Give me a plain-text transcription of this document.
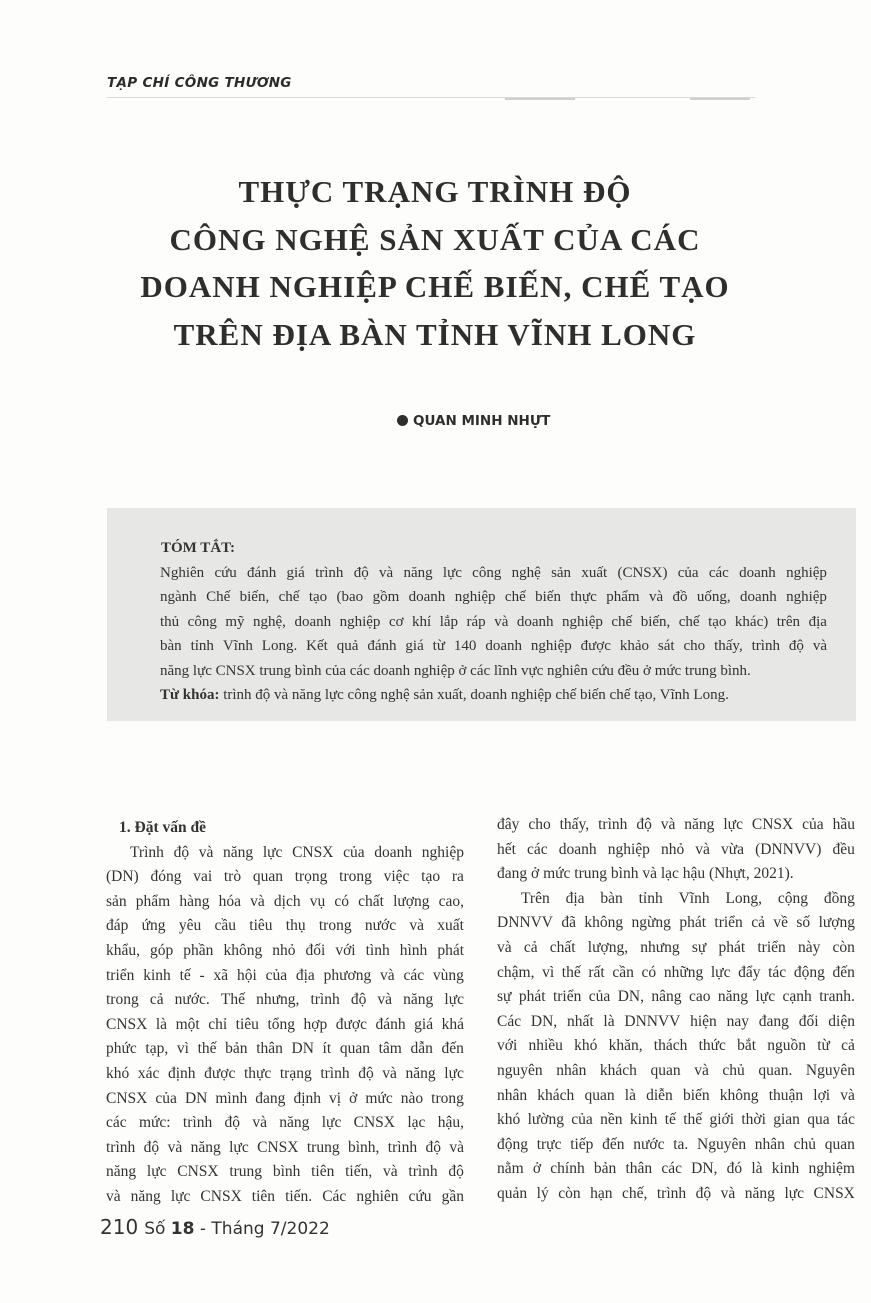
TẠP CHÍ CÔNG THƯƠNG
THỰC TRẠNG TRÌNH ĐỘ
CÔNG NGHỆ SẢN XUẤT CỦA CÁC
DOANH NGHIỆP CHẾ BIẾN, CHẾ TẠO
TRÊN ĐỊA BÀN TỈNH VĨNH LONG
QUAN MINH NHỰT
TÓM TẮT:
Nghiên cứu đánh giá trình độ và năng lực công nghệ sản xuất (CNSX) của các doanh nghiệp
ngành Chế biến, chế tạo (bao gồm doanh nghiệp chế biến thực phẩm và đồ uống, doanh nghiệp
thủ công mỹ nghệ, doanh nghiệp cơ khí lắp ráp và doanh nghiệp chế biến, chế tạo khác) trên địa
bàn tỉnh Vĩnh Long. Kết quả đánh giá từ 140 doanh nghiệp được khảo sát cho thấy, trình độ và
năng lực CNSX trung bình của các doanh nghiệp ở các lĩnh vực nghiên cứu đều ở mức trung bình.
Từ khóa: trình độ và năng lực công nghệ sản xuất, doanh nghiệp chế biến chế tạo, Vĩnh Long.
1. Đặt vấn đề
Trình độ và năng lực CNSX của doanh nghiệp
(DN) đóng vai trò quan trọng trong việc tạo ra
sản phẩm hàng hóa và dịch vụ có chất lượng cao,
đáp ứng yêu cầu tiêu thụ trong nước và xuất
khẩu, góp phần không nhỏ đối với tình hình phát
triển kinh tế - xã hội của địa phương và các vùng
trong cả nước. Thế nhưng, trình độ và năng lực
CNSX là một chỉ tiêu tổng hợp được đánh giá khá
phức tạp, vì thế bản thân DN ít quan tâm dẫn đến
khó xác định được thực trạng trình độ và năng lực
CNSX của DN mình đang định vị ở mức nào trong
các mức: trình độ và năng lực CNSX lạc hậu,
trình độ và năng lực CNSX trung bình, trình độ và
năng lực CNSX trung bình tiên tiến, và trình độ
và năng lực CNSX tiên tiến. Các nghiên cứu gần
đây cho thấy, trình độ và năng lực CNSX của hầu
hết các doanh nghiệp nhỏ và vừa (DNNVV) đều
đang ở mức trung bình và lạc hậu (Nhựt, 2021).
Trên địa bàn tỉnh Vĩnh Long, cộng đồng
DNNVV đã không ngừng phát triển cả về số lượng
và cả chất lượng, nhưng sự phát triển này còn
chậm, vì thế rất cần có những lực đẩy tác động đến
sự phát triển của DN, nâng cao năng lực cạnh tranh.
Các DN, nhất là DNNVV hiện nay đang đối diện
với nhiều khó khăn, thách thức bắt nguồn từ cả
nguyên nhân khách quan và chủ quan. Nguyên
nhân khách quan là diễn biến không thuận lợi và
khó lường của nền kinh tế thế giới thời gian qua tác
động trực tiếp đến nước ta. Nguyên nhân chủ quan
nằm ở chính bản thân các DN, đó là kinh nghiệm
quản lý còn hạn chế, trình độ và năng lực CNSX
210 Số 18 - Tháng 7/2022
